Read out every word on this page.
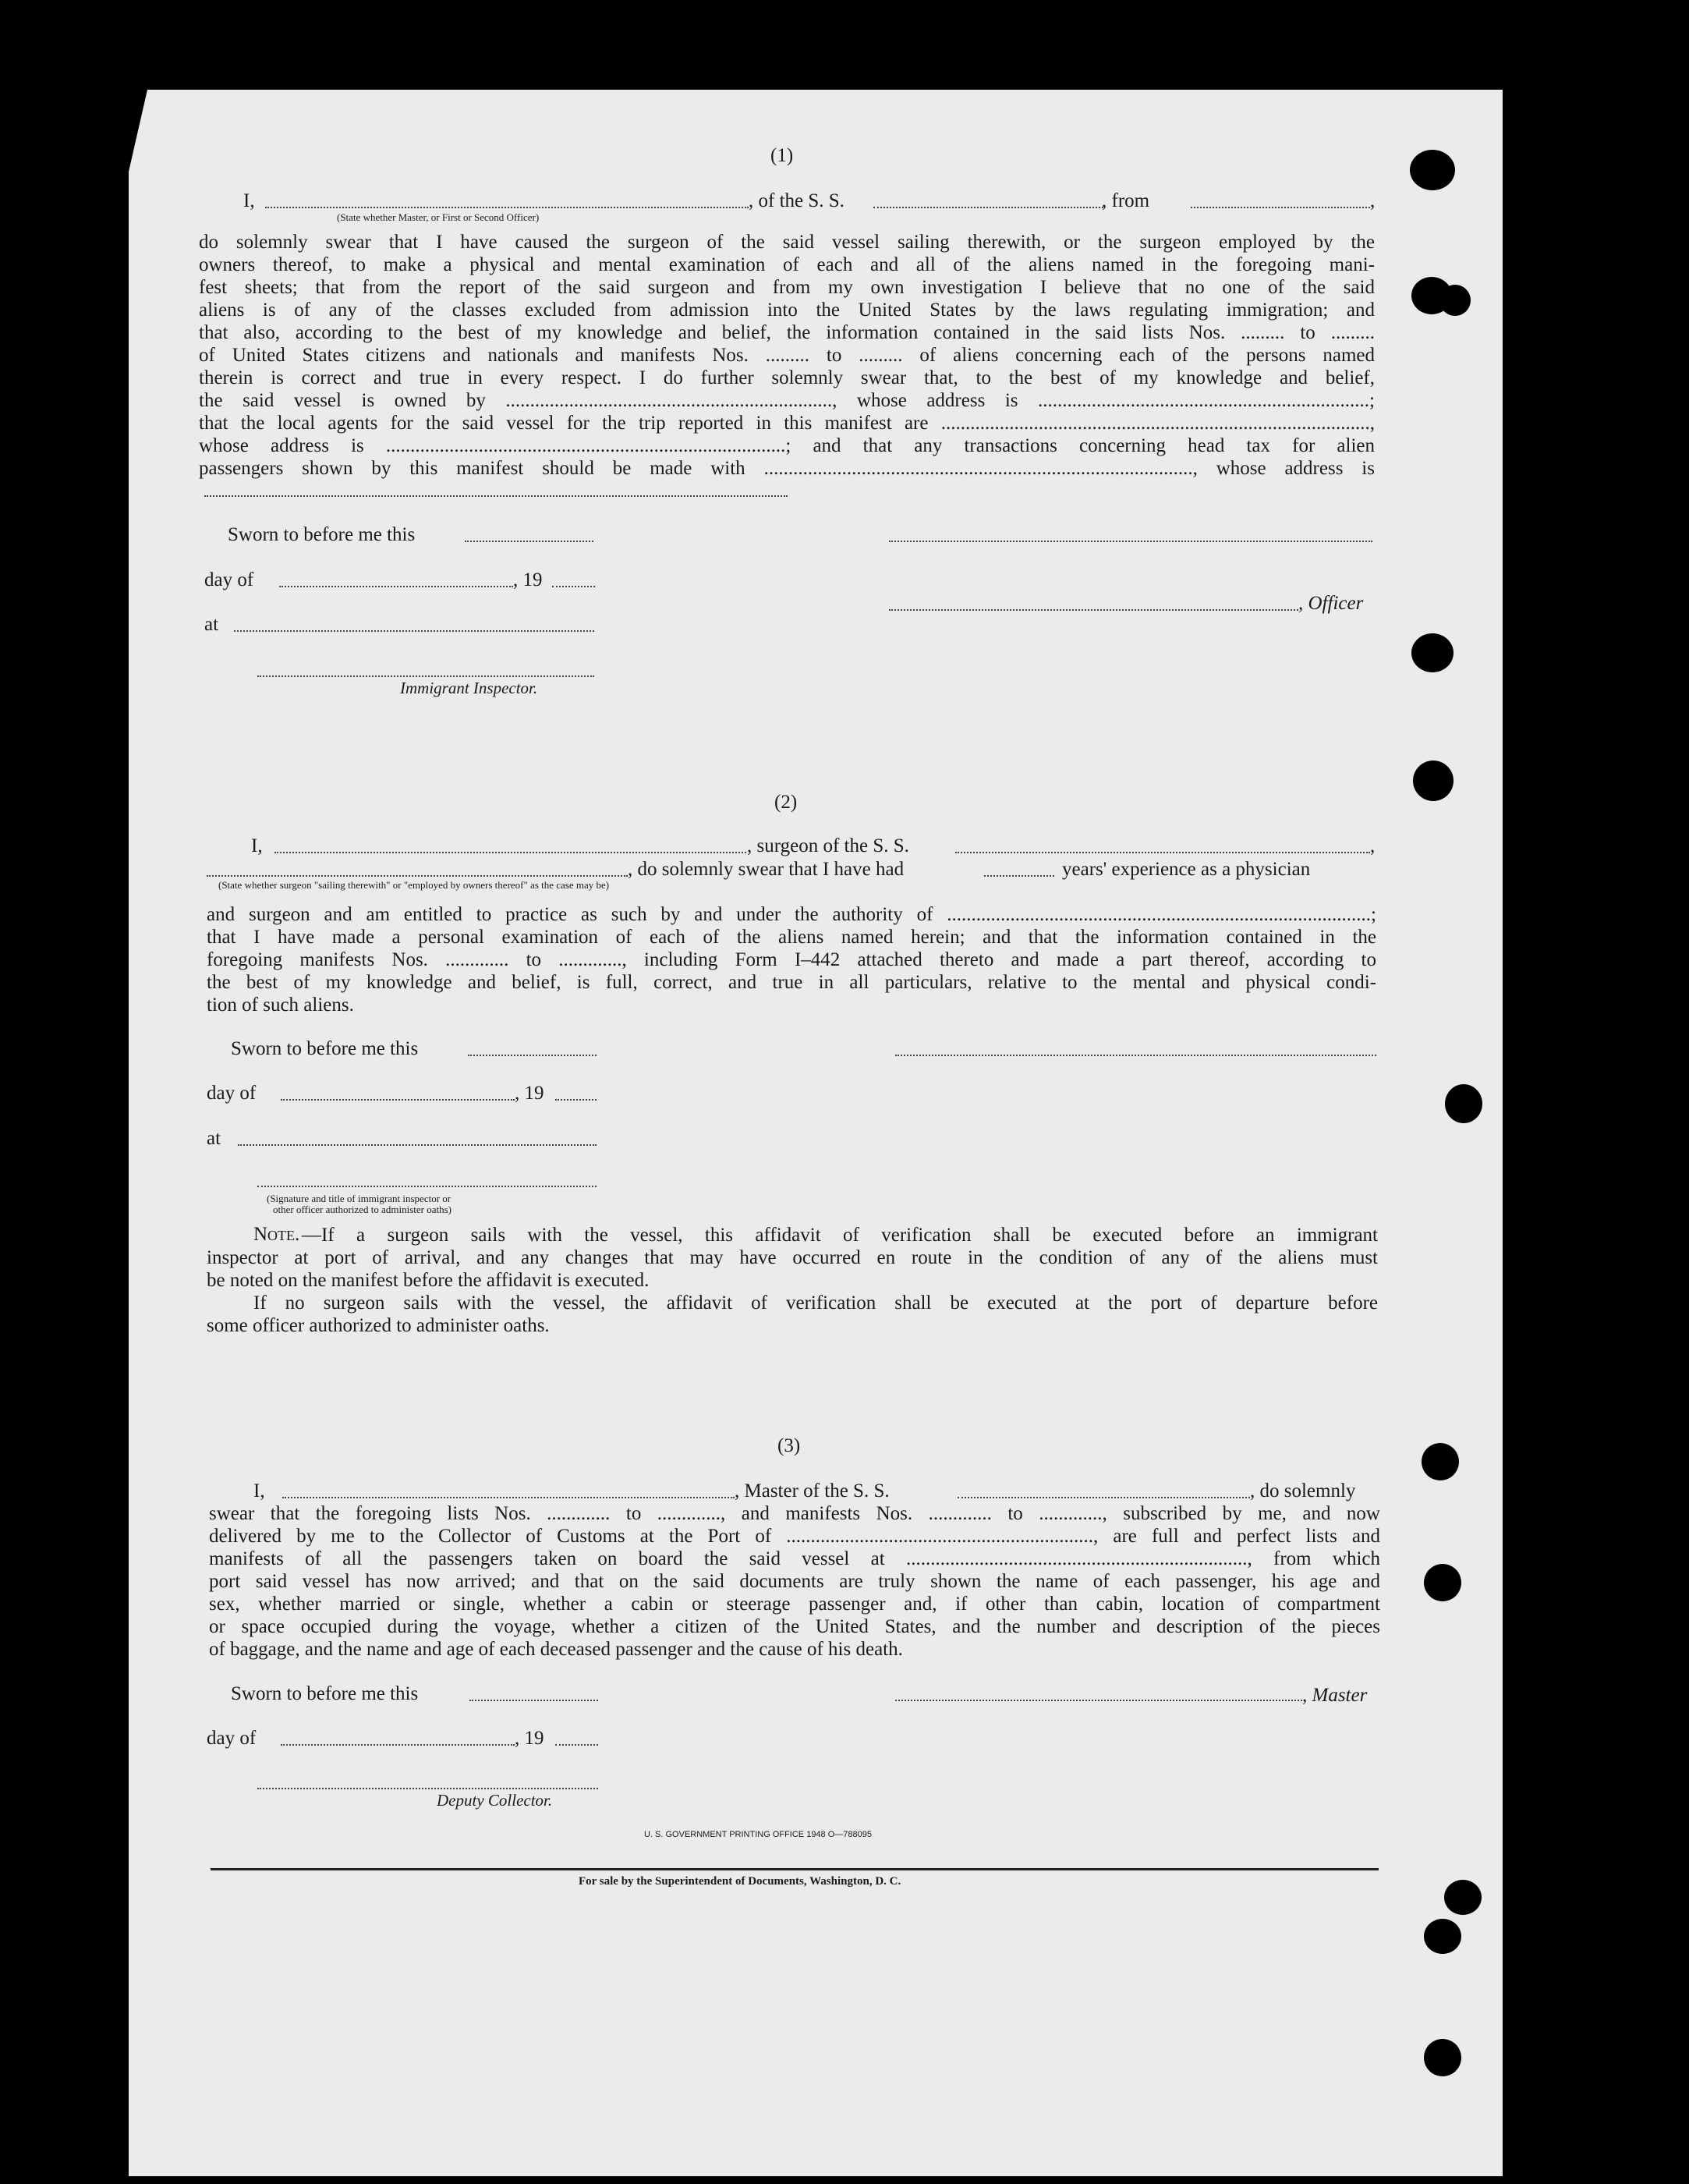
(1)
I,	, of the S. S.	, from	,
(State whether Master, or First or Second Officer)
do solemnly swear that I have caused the surgeon of the said vessel sailing therewith, or the surgeon employed by the
owners thereof, to make a physical and mental examination of each and all of the aliens named in the foregoing mani-
fest sheets; that from the report of the said surgeon and from my own investigation I believe that no one of the said
aliens is of any of the classes excluded from admission into the United States by the laws regulating immigration; and
that also, according to the best of my knowledge and belief, the information contained in the said lists Nos. ......... to .........
of United States citizens and nationals and manifests Nos. ......... to ......... of aliens concerning each of the persons named
therein is correct and true in every respect. I do further solemnly swear that, to the best of my knowledge and belief,
the said vessel is owned by ..................................................................., whose address is ....................................................................;
that the local agents for the said vessel for the trip reported in this manifest are ........................................................................................,
whose address is ..................................................................................; and that any transactions concerning head tax for alien
passengers shown by this manifest should be made with ........................................................................................, whose address is
Sworn to before me this
day of	, 19
, Officer
at
Immigrant Inspector.
(2)
I,	, surgeon of the S. S.	,
, do solemnly swear that I have had	years' experience as a physician
(State whether surgeon "sailing therewith" or "employed by owners thereof" as the case may be)
and surgeon and am entitled to practice as such by and under the authority of .......................................................................................;
that I have made a personal examination of each of the aliens named herein; and that the information contained in the
foregoing manifests Nos. ............. to ............., including Form I–442 attached thereto and made a part thereof, according to
the best of my knowledge and belief, is full, correct, and true in all particulars, relative to the mental and physical condi-
tion of such aliens.
Sworn to before me this
day of	, 19
at
(Signature and title of immigrant inspector or
other officer authorized to administer oaths)
Note. —If a surgeon sails with the vessel, this affidavit of verification shall be executed before an immigrant
inspector at port of arrival, and any changes that may have occurred en route in the condition of any of the aliens must
be noted on the manifest before the affidavit is executed.
If no surgeon sails with the vessel, the affidavit of verification shall be executed at the port of departure before
some officer authorized to administer oaths.
(3)
I,	, Master of the S. S.	, do solemnly
swear that the foregoing lists Nos. ............. to ............., and manifests Nos. ............. to ............., subscribed by me, and now
delivered by me to the Collector of Customs at the Port of ..............................................................., are full and perfect lists and
manifests of all the passengers taken on board the said vessel at ......................................................................, from which
port said vessel has now arrived; and that on the said documents are truly shown the name of each passenger, his age and
sex, whether married or single, whether a cabin or steerage passenger and, if other than cabin, location of compartment
or space occupied during the voyage, whether a citizen of the United States, and the number and description of the pieces
of baggage, and the name and age of each deceased passenger and the cause of his death.
Sworn to before me this	, Master
day of	, 19
Deputy Collector.
U. S. GOVERNMENT PRINTING OFFICE 1948 O—788095
For sale by the Superintendent of Documents, Washington, D. C.
